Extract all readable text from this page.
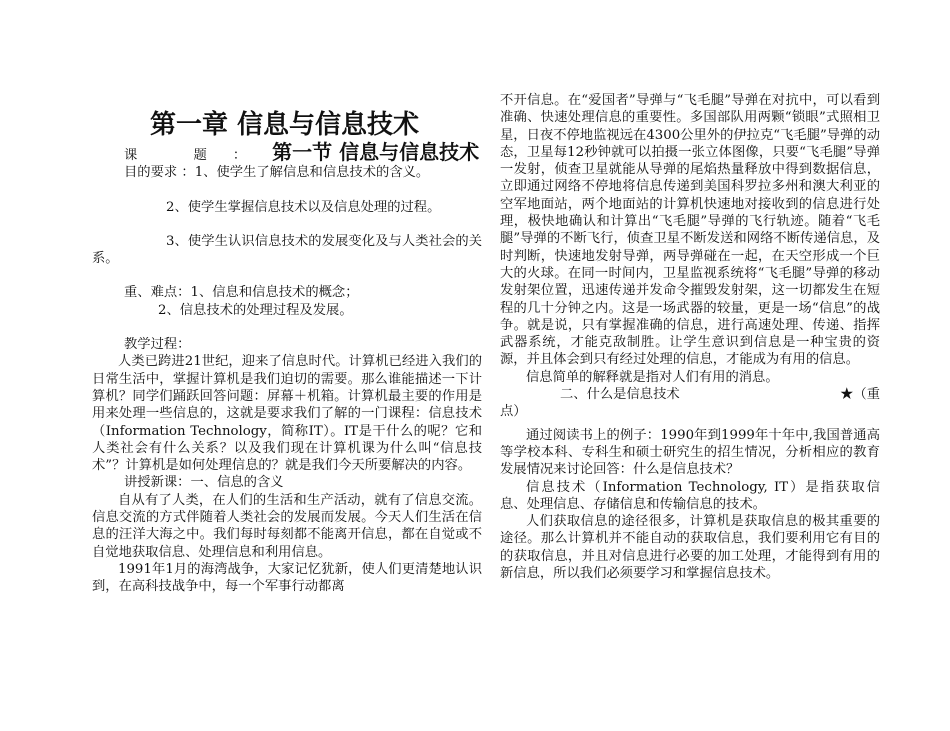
第一章 信息与信息技术

课 题： 第一节 信息与信息技术

目的要求 ：1、使学生了解信息和信息技术的含义。

2、使学生掌握信息技术以及信息处理的过程。

3、使学生认识信息技术的发展变化及与人类社会的关系。

重、难点：1、信息和信息技术的概念；

2、信息技术的处理过程及发展。

教学过程：

人类已跨进21世纪，迎来了信息时代。计算机已经进入我们的日常生活中，掌握计算机是我们迫切的需要。那么谁能描述一下计算机？同学们踊跃回答问题：屏幕＋机箱。计算机最主要的作用是用来处理一些信息的，这就是要求我们了解的一门课程：信息技术（Information Technology，简称IT）。IT是干什么的呢？它和人类社会有什么关系？以及我们现在计算机课为什么叫“信息技术”？计算机是如何处理信息的？就是我们今天所要解决的内容。

讲授新课：一、信息的含义

自从有了人类，在人们的生活和生产活动，就有了信息交流。信息交流的方式伴随着人类社会的发展而发展。今天人们生活在信息的汪洋大海之中。我们每时每刻都不能离开信息，都在自觉或不自觉地获取信息、处理信息和利用信息。

1991年1月的海湾战争，大家记忆犹新，使人们更清楚地认识到，在高科技战争中，每一个军事行动都离

不开信息。在“爱国者”导弹与“飞毛腿”导弹在对抗中，可以看到准确、快速处理信息的重要性。多国部队用两颗“锁眼”式照相卫星，日夜不停地监视远在4300公里外的伊拉克“飞毛腿”导弹的动态，卫星每12秒钟就可以拍摄一张立体图像，只要“飞毛腿”导弹一发射，侦查卫星就能从导弹的尾焰热量释放中得到数据信息，立即通过网络不停地将信息传递到美国科罗拉多州和澳大利亚的空军地面站，两个地面站的计算机快速地对接收到的信息进行处理，极快地确认和计算出“飞毛腿”导弹的飞行轨迹。随着“飞毛腿”导弹的不断飞行，侦查卫星不断发送和网络不断传递信息，及时判断，快速地发射导弹，两导弹碰在一起，在天空形成一个巨大的火球。在同一时间内，卫星监视系统将“飞毛腿”导弹的移动发射架位置，迅速传递并发命令摧毁发射架，这一切都发生在短程的几十分钟之内。这是一场武器的较量，更是一场“信息”的战争。就是说，只有掌握准确的信息，进行高速处理、传递、指挥武器系统，才能克敌制胜。让学生意识到信息是一种宝贵的资源，并且体会到只有经过处理的信息，才能成为有用的信息。

信息简单的解释就是指对人们有用的消息。

二、什么是信息技术	★（重

点）

通过阅读书上的例子：1990年到1999年十年中,我国普通高等学校本科、专科生和硕士研究生的招生情况，分析相应的教育发展情况来讨论回答：什么是信息技术？

信息技术（Information Technology, IT）是指获取信息、处理信息、存储信息和传输信息的技术。

人们获取信息的途径很多，计算机是获取信息的极其重要的途径。那么计算机并不能自动的获取信息，我们要利用它有目的的获取信息，并且对信息进行必要的加工处理，才能得到有用的新信息，所以我们必须要学习和掌握信息技术。
